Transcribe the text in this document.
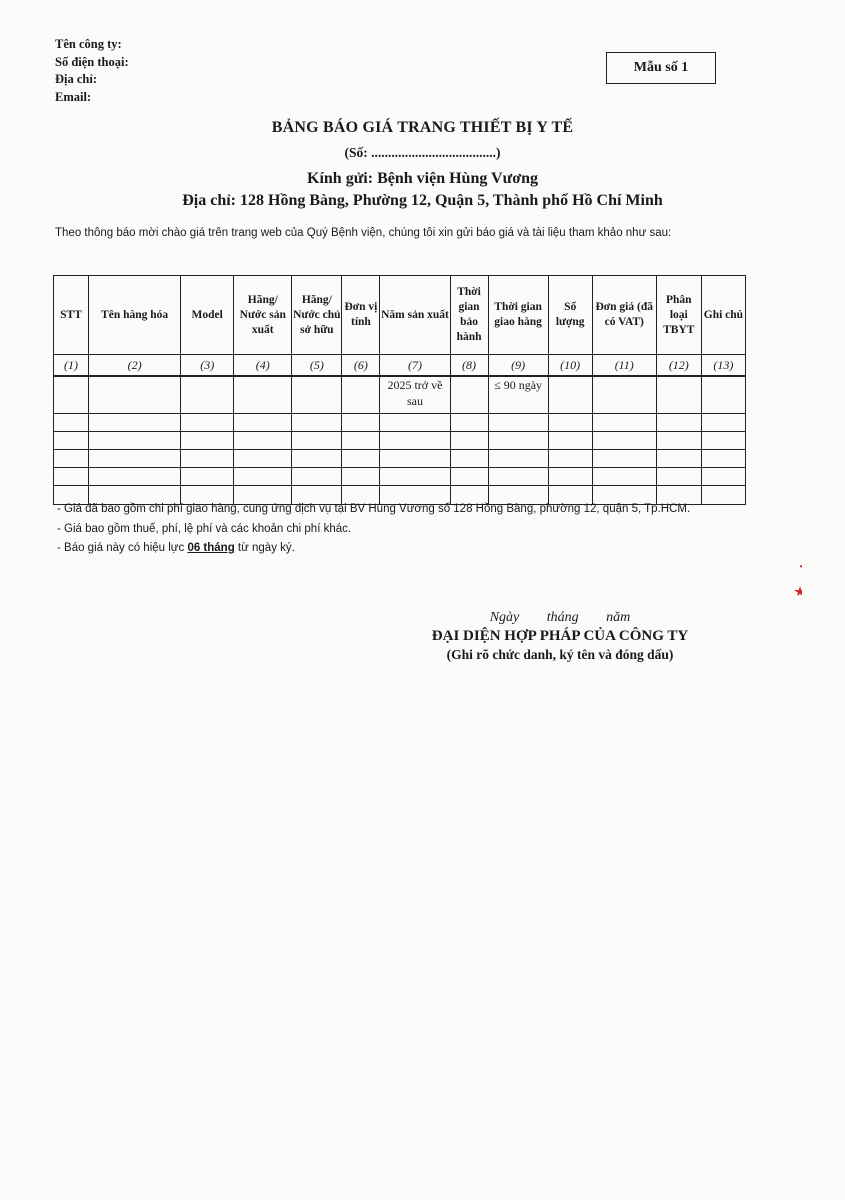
Tên công ty:
Số điện thoại:
Địa chỉ:
Email:
Mẫu số 1
BẢNG BÁO GIÁ TRANG THIẾT BỊ Y TẾ
(Số: .....................................)
Kính gửi: Bệnh viện Hùng Vương
Địa chỉ: 128 Hồng Bàng, Phường 12, Quận 5, Thành phố Hồ Chí Minh
Theo thông báo mời chào giá trên trang web của Quý Bệnh viện, chúng tôi xin gửi báo giá và tài liệu tham khảo như sau:
STT	Tên hàng hóa	Model	Hãng/ Nước sản xuất	Hãng/ Nước chủ sở hữu	Đơn vị tính	Năm sản xuất	Thời gian bảo hành	Thời gian giao hàng	Số lượng	Đơn giá (đã có VAT)	Phân loại TBYT	Ghi chú
(1)	(2)	(3)	(4)	(5)	(6)	(7)	(8)	(9)	(10)	(11)	(12)	(13)
						2025 trở về sau		≤ 90 ngày				

- Giá đã bao gồm chi phí giao hàng, cung ứng dịch vụ tại BV Hùng Vương số 128 Hồng Bàng, phường 12, quận 5, Tp.HCM.
- Giá bao gồm thuế, phí, lệ phí và các khoản chi phí khác.
- Báo giá này có hiệu lực 06 tháng từ ngày ký.
Ngày tháng năm
ĐẠI DIỆN HỢP PHÁP CỦA CÔNG TY
(Ghi rõ chức danh, ký tên và đóng dấu)
